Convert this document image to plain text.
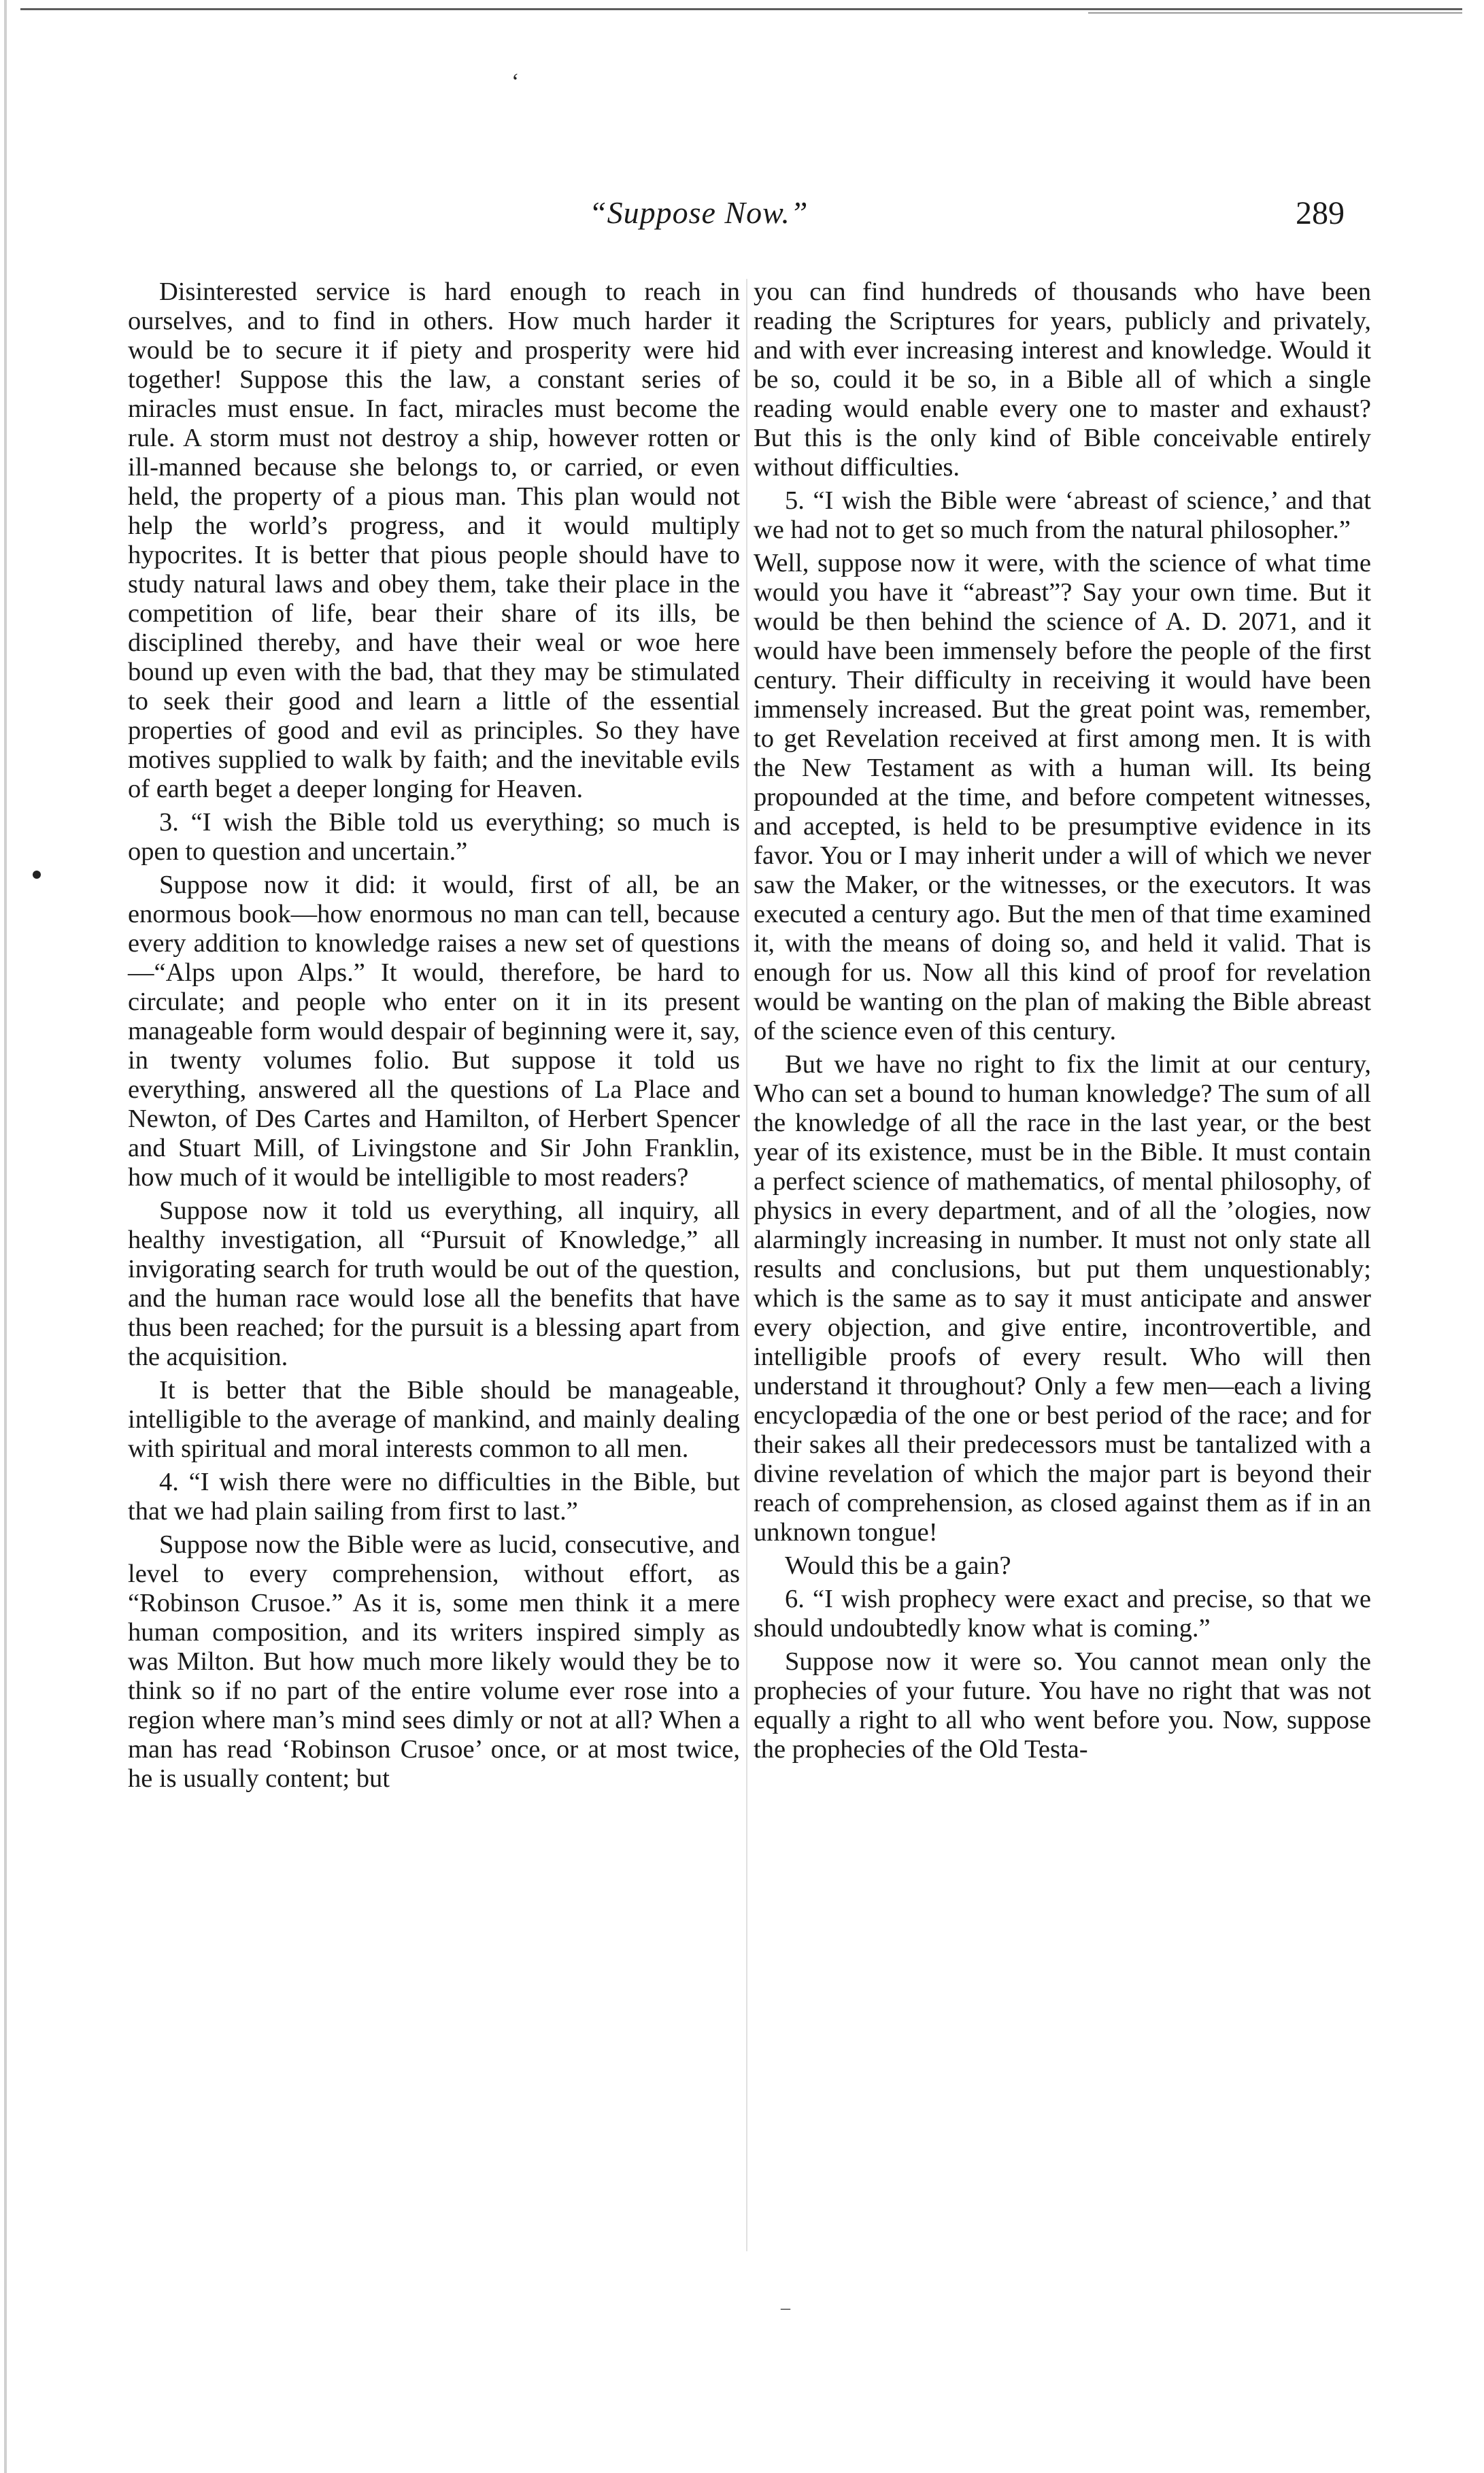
‘
“Suppose Now.”	289

Disinterested service is hard enough to reach in ourselves, and to find in others. How much harder it would be to secure it if piety and prosperity were hid together! Suppose this the law, a constant series of miracles must ensue. In fact, miracles must become the rule. A storm must not destroy a ship, however rotten or ill-manned because she belongs to, or carried, or even held, the property of a pious man. This plan would not help the world’s progress, and it would multiply hypocrites. It is better that pious people should have to study natural laws and obey them, take their place in the competition of life, bear their share of its ills, be disciplined thereby, and have their weal or woe here bound up even with the bad, that they may be stimulated to seek their good and learn a little of the essential properties of good and evil as principles. So they have motives supplied to walk by faith; and the inevitable evils of earth beget a deeper longing for Heaven.

3. “I wish the Bible told us everything; so much is open to question and uncertain.”

Suppose now it did: it would, first of all, be an enormous book—how enormous no man can tell, because every addition to knowledge raises a new set of questions—“Alps upon Alps.” It would, therefore, be hard to circulate; and people who enter on it in its present manageable form would despair of beginning were it, say, in twenty volumes folio. But suppose it told us everything, answered all the questions of La Place and Newton, of Des Cartes and Hamilton, of Herbert Spencer and Stuart Mill, of Livingstone and Sir John Franklin, how much of it would be intelligible to most readers?

Suppose now it told us everything, all inquiry, all healthy investigation, all “Pursuit of Knowledge,” all invigorating search for truth would be out of the question, and the human race would lose all the benefits that have thus been reached; for the pursuit is a blessing apart from the acquisition.

It is better that the Bible should be manageable, intelligible to the average of mankind, and mainly dealing with spiritual and moral interests common to all men.

4. “I wish there were no difficulties in the Bible, but that we had plain sailing from first to last.”

Suppose now the Bible were as lucid, consecutive, and level to every comprehension, without effort, as “Robinson Crusoe.” As it is, some men think it a mere human composition, and its writers inspired simply as was Milton. But how much more likely would they be to think so if no part of the entire volume ever rose into a region where man’s mind sees dimly or not at all? When a man has read ‘Robinson Crusoe’ once, or at most twice, he is usually content; but

you can find hundreds of thousands who have been reading the Scriptures for years, publicly and privately, and with ever increasing interest and knowledge. Would it be so, could it be so, in a Bible all of which a single reading would enable every one to master and exhaust? But this is the only kind of Bible conceivable entirely without difficulties.

5. “I wish the Bible were ‘abreast of science,’ and that we had not to get so much from the natural philosopher.”

Well, suppose now it were, with the science of what time would you have it “abreast”? Say your own time. But it would be then behind the science of A. D. 2071, and it would have been immensely before the people of the first century. Their difficulty in receiving it would have been immensely increased. But the great point was, remember, to get Revelation received at first among men. It is with the New Testament as with a human will. Its being propounded at the time, and before competent witnesses, and accepted, is held to be presumptive evidence in its favor. You or I may inherit under a will of which we never saw the Maker, or the witnesses, or the executors. It was executed a century ago. But the men of that time examined it, with the means of doing so, and held it valid. That is enough for us. Now all this kind of proof for revelation would be wanting on the plan of making the Bible abreast of the science even of this century.

But we have no right to fix the limit at our century, Who can set a bound to human knowledge? The sum of all the knowledge of all the race in the last year, or the best year of its existence, must be in the Bible. It must contain a perfect science of mathematics, of mental philosophy, of physics in every department, and of all the ’ologies, now alarmingly increasing in number. It must not only state all results and conclusions, but put them unquestionably; which is the same as to say it must anticipate and answer every objection, and give entire, incontrovertible, and intelligible proofs of every result. Who will then understand it throughout? Only a few men—each a living encyclopædia of the one or best period of the race; and for their sakes all their predecessors must be tantalized with a divine revelation of which the major part is beyond their reach of comprehension, as closed against them as if in an unknown tongue!

Would this be a gain?

6. “I wish prophecy were exact and precise, so that we should undoubtedly know what is coming.”

Suppose now it were so. You cannot mean only the prophecies of your future. You have no right that was not equally a right to all who went before you. Now, suppose the prophecies of the Old Testa-

–
